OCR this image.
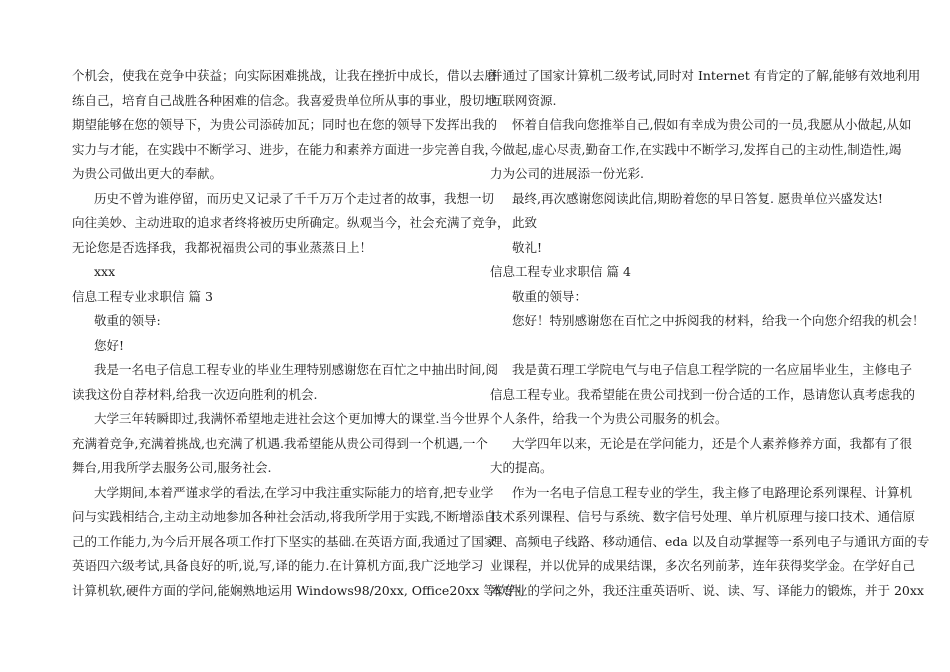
个机会，使我在竞争中获益；向实际困难挑战，让我在挫折中成长，借以去磨
练自己，培育自己战胜各种困难的信念。我喜爱贵单位所从事的事业，殷切地
期望能够在您的领导下，为贵公司添砖加瓦；同时也在您的领导下发挥出我的
实力与才能，在实践中不断学习、进步，在能力和素养方面进一步完善自我，
为贵公司做出更大的奉献。
历史不曾为谁停留，而历史又记录了千千万万个走过者的故事，我想一切
向往美妙、主动进取的追求者终将被历史所确定。纵观当今，社会充满了竞争，
无论您是否选择我，我都祝福贵公司的事业蒸蒸日上！
xxx
信息工程专业求职信 篇 3
敬重的领导:
您好!
我是一名电子信息工程专业的毕业生理特别感谢您在百忙之中抽出时间,阅
读我这份自荐材料,给我一次迈向胜利的机会.
大学三年转瞬即过,我满怀希望地走进社会这个更加博大的课堂.当今世界
充满着竞争,充满着挑战,也充满了机遇.我希望能从贵公司得到一个机遇,一个
舞台,用我所学去服务公司,服务社会.
大学期间,本着严谨求学的看法,在学习中我注重实际能力的培育,把专业学
问与实践相结合,主动主动地参加各种社会活动,将我所学用于实践,不断增添自
己的工作能力,为今后开展各项工作打下坚实的基础.在英语方面,我通过了国家
英语四六级考试,具备良好的听,说,写,译的能力.在计算机方面,我广泛地学习
计算机软,硬件方面的学问,能娴熟地运用 Windows98/20xx, Office20xx 等软件,
并通过了国家计算机二级考试,同时对 Internet 有肯定的了解,能够有效地利用
互联网资源.
怀着自信我向您推举自己,假如有幸成为贵公司的一员,我愿从小做起,从如
今做起,虚心尽责,勤奋工作,在实践中不断学习,发挥自己的主动性,制造性,竭
力为公司的进展添一份光彩.
最终,再次感谢您阅读此信,期盼着您的早日答复. 愿贵单位兴盛发达!
此致
敬礼!
信息工程专业求职信 篇 4
敬重的领导：
您好！特别感谢您在百忙之中拆阅我的材料，给我一个向您介绍我的机会！
我是黄石理工学院电气与电子信息工程学院的一名应届毕业生，主修电子
信息工程专业。我希望能在贵公司找到一份合适的工作，恳请您认真考虑我的
个人条件，给我一个为贵公司服务的机会。
大学四年以来，无论是在学问能力，还是个人素养修养方面，我都有了很
大的提高。
作为一名电子信息工程专业的学生，我主修了电路理论系列课程、计算机
技术系列课程、信号与系统、数字信号处理、单片机原理与接口技术、通信原
理、高频电子线路、移动通信、eda 以及自动掌握等一系列电子与通讯方面的专
业课程，并以优异的成果结课，多次名列前茅，连年获得奖学金。在学好自己
本专业的学问之外，我还注重英语听、说、读、写、译能力的锻炼，并于 20xx
